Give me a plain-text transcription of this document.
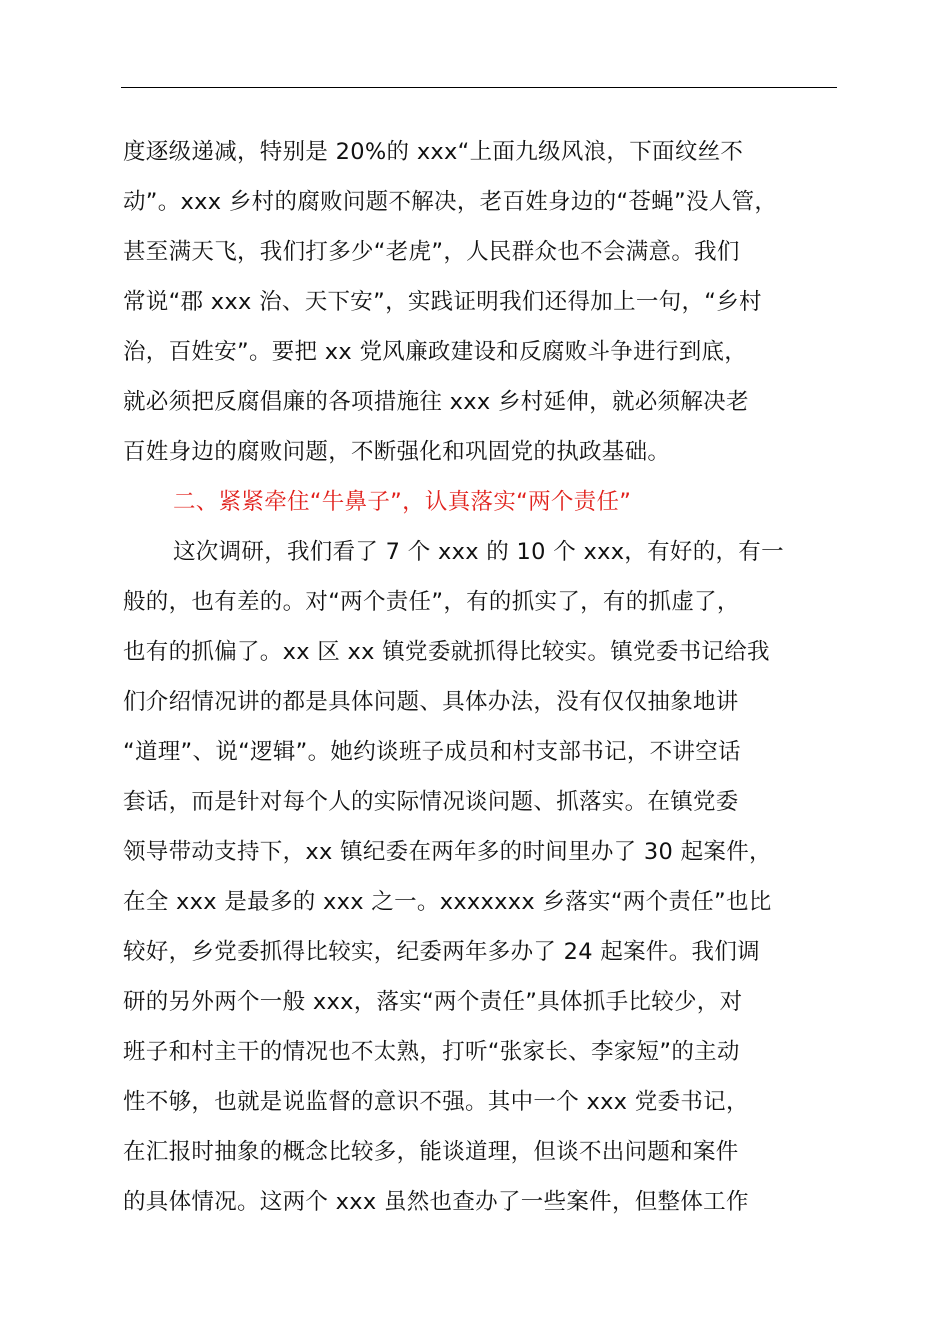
度逐级递减，特别是 20%的 xxx“上面九级风浪，下面纹丝不
动”。xxx 乡村的腐败问题不解决，老百姓身边的“苍蝇”没人管，
甚至满天飞，我们打多少“老虎”，人民群众也不会满意。我们
常说“郡 xxx 治、天下安”，实践证明我们还得加上一句，“乡村
治，百姓安”。要把 xx 党风廉政建设和反腐败斗争进行到底，
就必须把反腐倡廉的各项措施往 xxx 乡村延伸，就必须解决老
百姓身边的腐败问题，不断强化和巩固党的执政基础。
二、紧紧牵住“牛鼻子”，认真落实“两个责任”
这次调研，我们看了 7 个 xxx 的 10 个 xxx，有好的，有一
般的，也有差的。对“两个责任”，有的抓实了，有的抓虚了，
也有的抓偏了。xx 区 xx 镇党委就抓得比较实。镇党委书记给我
们介绍情况讲的都是具体问题、具体办法，没有仅仅抽象地讲
“道理”、说“逻辑”。她约谈班子成员和村支部书记，不讲空话
套话，而是针对每个人的实际情况谈问题、抓落实。在镇党委
领导带动支持下，xx 镇纪委在两年多的时间里办了 30 起案件，
在全 xxx 是最多的 xxx 之一。xxxxxxx 乡落实“两个责任”也比
较好，乡党委抓得比较实，纪委两年多办了 24 起案件。我们调
研的另外两个一般 xxx，落实“两个责任”具体抓手比较少，对
班子和村主干的情况也不太熟，打听“张家长、李家短”的主动
性不够，也就是说监督的意识不强。其中一个 xxx 党委书记，
在汇报时抽象的概念比较多，能谈道理，但谈不出问题和案件
的具体情况。这两个 xxx 虽然也查办了一些案件，但整体工作
